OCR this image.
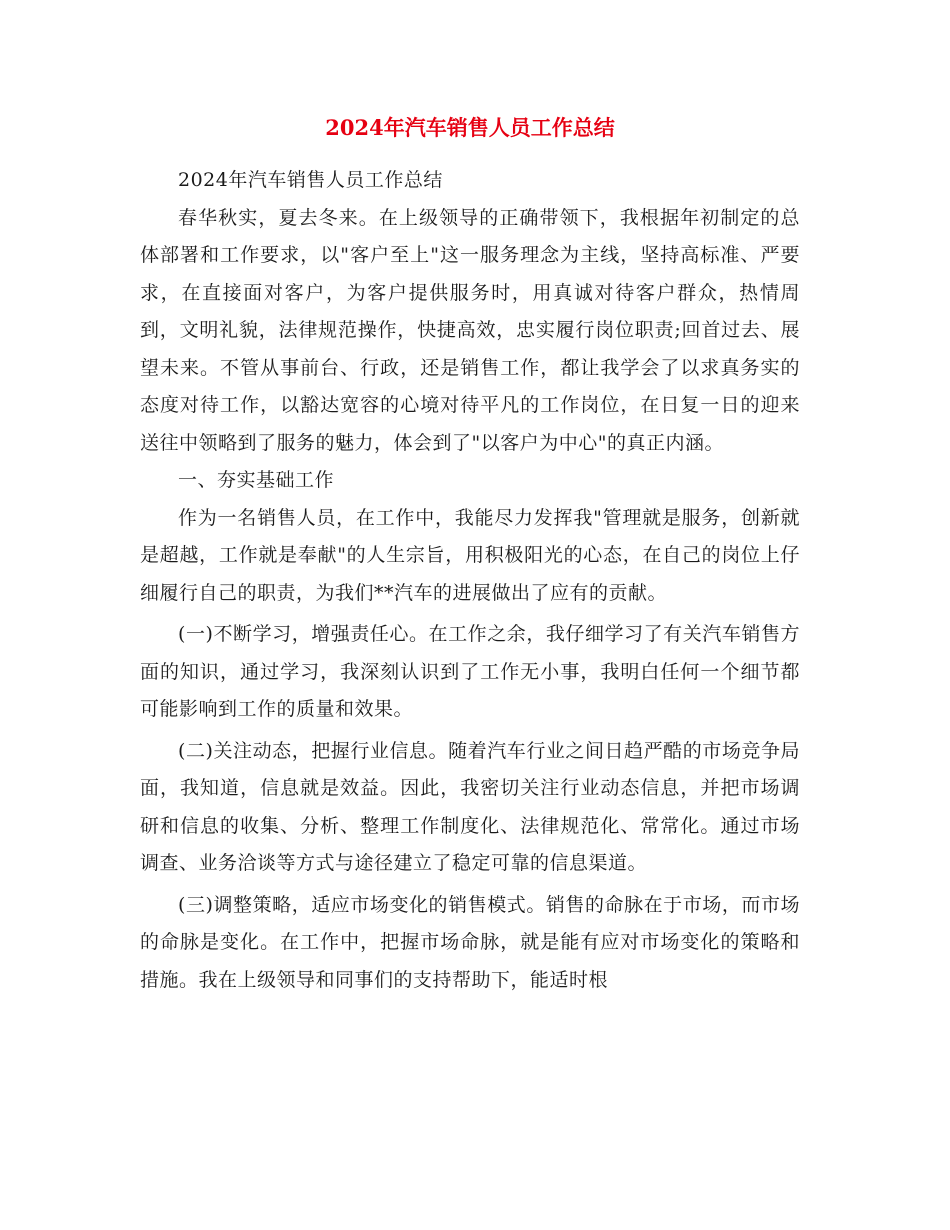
2024年汽车销售人员工作总结

2024年汽车销售人员工作总结

春华秋实，夏去冬来。在上级领导的正确带领下，我根据年初制定的总体部署和工作要求，以"客户至上"这一服务理念为主线，坚持高标准、严要求，在直接面对客户，为客户提供服务时，用真诚对待客户群众，热情周到，文明礼貌，法律规范操作，快捷高效，忠实履行岗位职责;回首过去、展望未来。不管从事前台、行政，还是销售工作，都让我学会了以求真务实的态度对待工作，以豁达宽容的心境对待平凡的工作岗位，在日复一日的迎来送往中领略到了服务的魅力，体会到了"以客户为中心"的真正内涵。

一、夯实基础工作

作为一名销售人员，在工作中，我能尽力发挥我"管理就是服务，创新就是超越，工作就是奉献"的人生宗旨，用积极阳光的心态，在自己的岗位上仔细履行自己的职责，为我们**汽车的进展做出了应有的贡献。

(一)不断学习，增强责任心。在工作之余，我仔细学习了有关汽车销售方面的知识，通过学习，我深刻认识到了工作无小事，我明白任何一个细节都可能影响到工作的质量和效果。

(二)关注动态，把握行业信息。随着汽车行业之间日趋严酷的市场竞争局面，我知道，信息就是效益。因此，我密切关注行业动态信息，并把市场调研和信息的收集、分析、整理工作制度化、法律规范化、常常化。通过市场调查、业务洽谈等方式与途径建立了稳定可靠的信息渠道。

(三)调整策略，适应市场变化的销售模式。销售的命脉在于市场，而市场的命脉是变化。在工作中，把握市场命脉，就是能有应对市场变化的策略和措施。我在上级领导和同事们的支持帮助下，能适时根
